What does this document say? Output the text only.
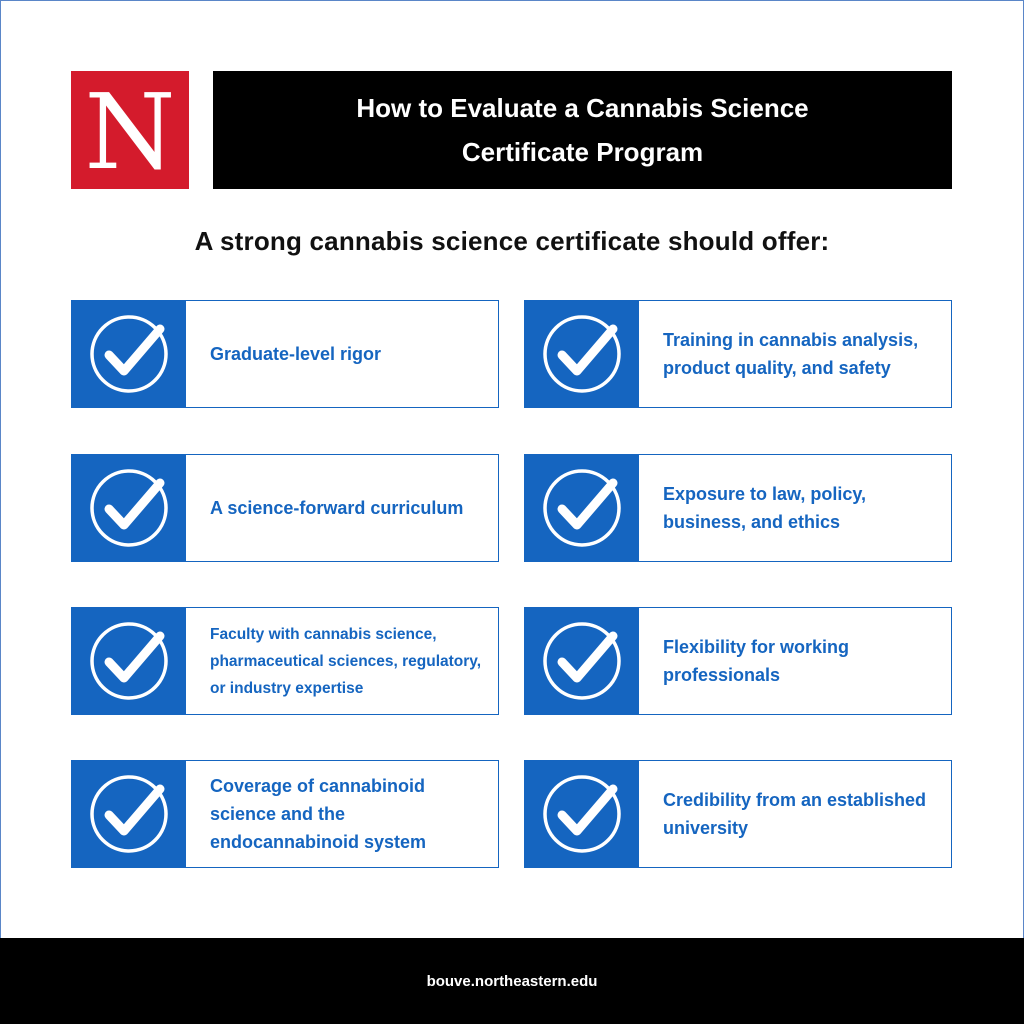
N	How to Evaluate a Cannabis Science
Certificate Program
A strong cannabis science certificate should offer:
Graduate-level rigor
Training in cannabis analysis, product quality, and safety
A science-forward curriculum
Exposure to law, policy, business, and ethics
Faculty with cannabis science, pharmaceutical sciences, regulatory, or industry expertise
Flexibility for working professionals
Coverage of cannabinoid science and the endocannabinoid system
Credibility from an established university
bouve.northeastern.edu
